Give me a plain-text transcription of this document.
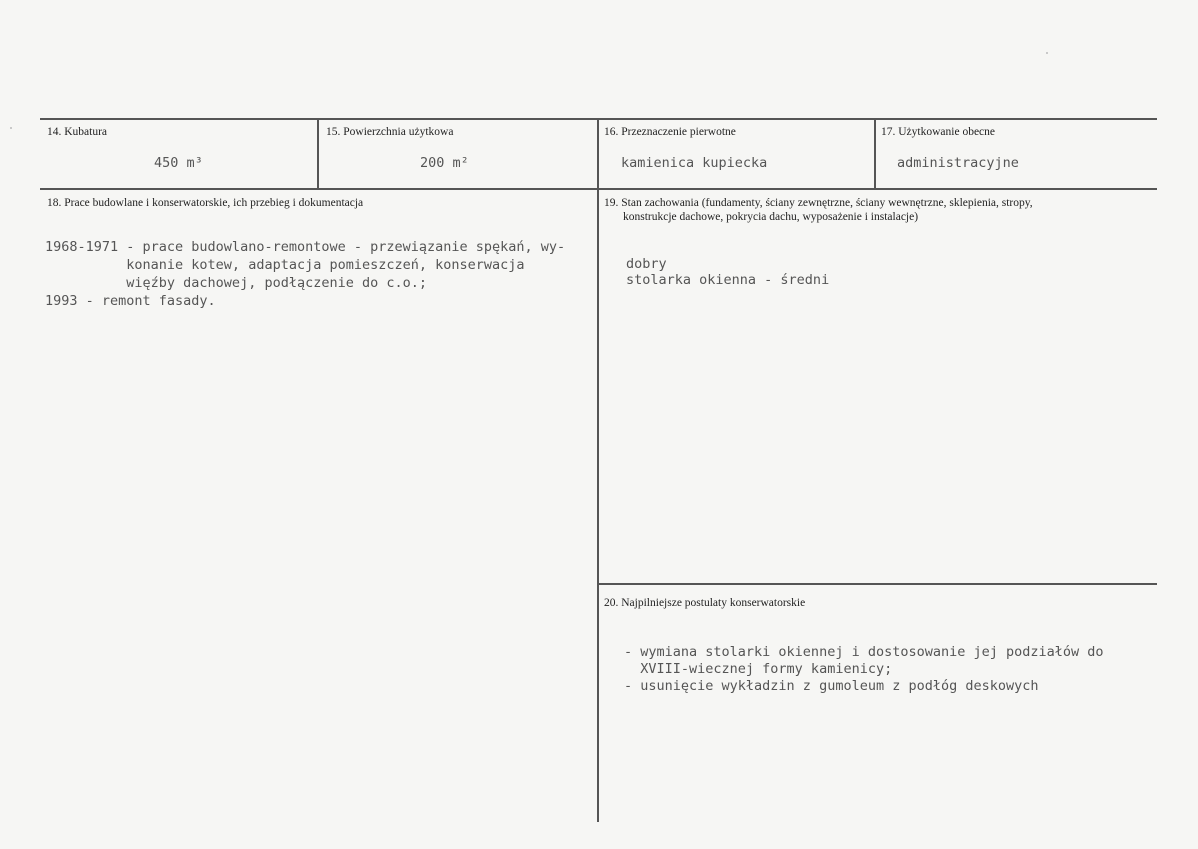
14. Kubatura
450 m³
15. Powierzchnia użytkowa
200 m²
16. Przeznaczenie pierwotne
kamienica kupiecka
17. Użytkowanie obecne
administracyjne
18. Prace budowlane i konserwatorskie, ich przebieg i dokumentacja
1968-1971 - prace budowlano-remontowe - przewiązanie spękań, wy-
konanie kotew, adaptacja pomieszczeń, konserwacja
więźby dachowej, podłączenie do c.o.;
1993 - remont fasady.
19. Stan zachowania (fundamenty, ściany zewnętrzne, ściany wewnętrzne, sklepienia, stropy,
konstrukcje dachowe, pokrycia dachu, wyposażenie i instalacje)
dobry
stolarka okienna - średni
20. Najpilniejsze postulaty konserwatorskie
- wymiana stolarki okiennej i dostosowanie jej podziałów do
XVIII-wiecznej formy kamienicy;
- usunięcie wykładzin z gumoleum z podłóg deskowych
